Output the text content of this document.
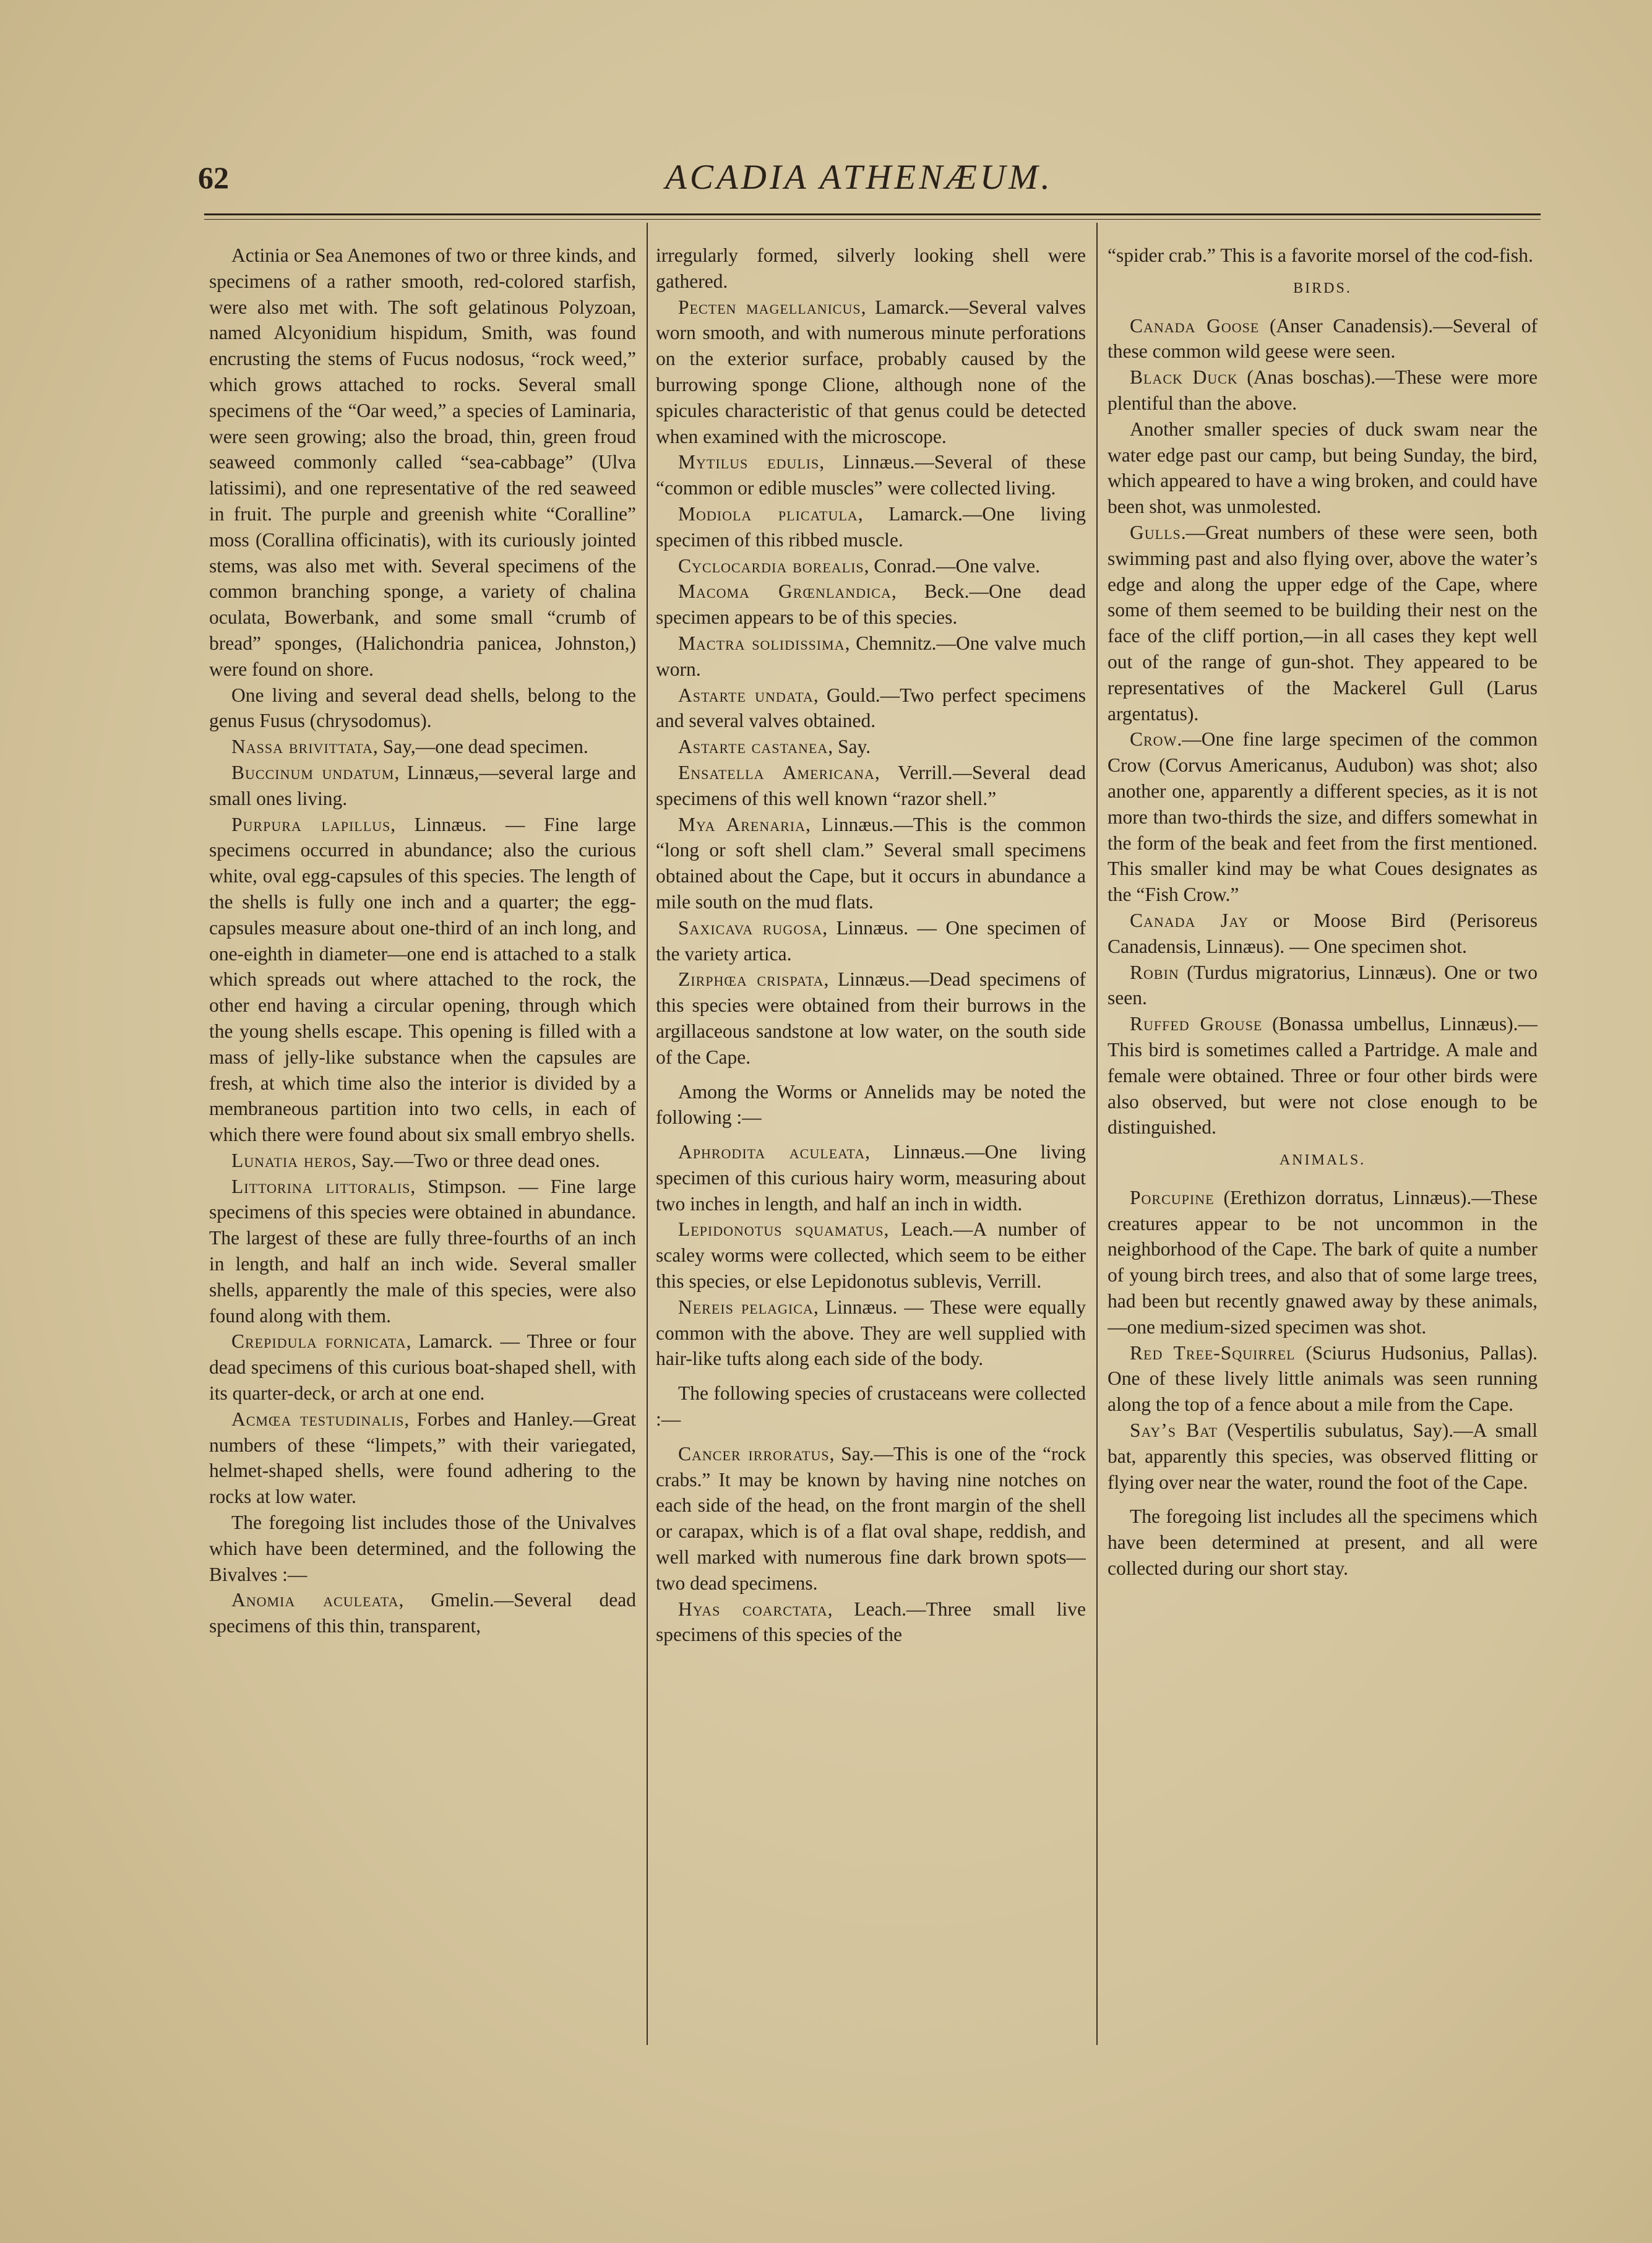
62	ACADIA ATHENÆUM.

Actinia or Sea Anemones of two or three kinds, and specimens of a rather smooth, red-colored starfish, were also met with. The soft gelatinous Polyzoan, named Alcyonidium hispidum, Smith, was found encrusting the stems of Fucus nodosus, “rock weed,” which grows attached to rocks. Several small specimens of the “Oar weed,” a species of Laminaria, were seen growing; also the broad, thin, green froud seaweed commonly called “sea-cabbage” (Ulva latissimi), and one representative of the red seaweed in fruit. The purple and greenish white “Coralline” moss (Corallina officinatis), with its curiously jointed stems, was also met with. Several specimens of the common branching sponge, a variety of chalina oculata, Bowerbank, and some small “crumb of bread” sponges, (Halichondria panicea, Johnston,) were found on shore.

One living and several dead shells, belong to the genus Fusus (chrysodomus).

Nassa brivittata, Say,—one dead specimen.

Buccinum undatum, Linnæus,—several large and small ones living.

Purpura lapillus, Linnæus. — Fine large specimens occurred in abundance; also the curious white, oval egg-capsules of this species. The length of the shells is fully one inch and a quarter; the egg-capsules measure about one-third of an inch long, and one-eighth in diameter—one end is attached to a stalk which spreads out where attached to the rock, the other end having a circular opening, through which the young shells escape. This opening is filled with a mass of jelly-like substance when the capsules are fresh, at which time also the interior is divided by a membraneous partition into two cells, in each of which there were found about six small embryo shells.

Lunatia heros, Say.—Two or three dead ones.

Littorina littoralis, Stimpson. — Fine large specimens of this species were obtained in abundance. The largest of these are fully three-fourths of an inch in length, and half an inch wide. Several smaller shells, apparently the male of this species, were also found along with them.

Crepidula fornicata, Lamarck. — Three or four dead specimens of this curious boat-shaped shell, with its quarter-deck, or arch at one end.

Acmœa testudinalis, Forbes and Hanley.—Great numbers of these “limpets,” with their variegated, helmet-shaped shells, were found adhering to the rocks at low water.

The foregoing list includes those of the Univalves which have been determined, and the following the Bivalves :—

Anomia aculeata, Gmelin.—Several dead specimens of this thin, transparent,

irregularly formed, silverly looking shell were gathered.

Pecten magellanicus, Lamarck.—Several valves worn smooth, and with numerous minute perforations on the exterior surface, probably caused by the burrowing sponge Clione, although none of the spicules characteristic of that genus could be detected when examined with the microscope.

Mytilus edulis, Linnæus.—Several of these “common or edible muscles” were collected living.

Modiola plicatula, Lamarck.—One living specimen of this ribbed muscle.

Cyclocardia borealis, Conrad.—One valve.

Macoma Grœnlandica, Beck.—One dead specimen appears to be of this species.

Mactra solidissima, Chemnitz.—One valve much worn.

Astarte undata, Gould.—Two perfect specimens and several valves obtained.

Astarte castanea, Say.

Ensatella Americana, Verrill.—Several dead specimens of this well known “razor shell.”

Mya Arenaria, Linnæus.—This is the common “long or soft shell clam.” Several small specimens obtained about the Cape, but it occurs in abundance a mile south on the mud flats.

Saxicava rugosa, Linnæus. — One specimen of the variety artica.

Zirphœa crispata, Linnæus.—Dead specimens of this species were obtained from their burrows in the argillaceous sandstone at low water, on the south side of the Cape.

Among the Worms or Annelids may be noted the following :—

Aphrodita aculeata, Linnæus.—One living specimen of this curious hairy worm, measuring about two inches in length, and half an inch in width.

Lepidonotus squamatus, Leach.—A number of scaley worms were collected, which seem to be either this species, or else Lepidonotus sublevis, Verrill.

Nereis pelagica, Linnæus. — These were equally common with the above. They are well supplied with hair-like tufts along each side of the body.

The following species of crustaceans were collected :—

Cancer irroratus, Say.—This is one of the “rock crabs.” It may be known by having nine notches on each side of the head, on the front margin of the shell or carapax, which is of a flat oval shape, reddish, and well marked with numerous fine dark brown spots—two dead specimens.

Hyas coarctata, Leach.—Three small live specimens of this species of the

“spider crab.” This is a favorite morsel of the cod-fish.

BIRDS.

Canada Goose (Anser Canadensis).—Several of these common wild geese were seen.

Black Duck (Anas boschas).—These were more plentiful than the above.

Another smaller species of duck swam near the water edge past our camp, but being Sunday, the bird, which appeared to have a wing broken, and could have been shot, was unmolested.

Gulls.—Great numbers of these were seen, both swimming past and also flying over, above the water’s edge and along the upper edge of the Cape, where some of them seemed to be building their nest on the face of the cliff portion,—in all cases they kept well out of the range of gun-shot. They appeared to be representatives of the Mackerel Gull (Larus argentatus).

Crow.—One fine large specimen of the common Crow (Corvus Americanus, Audubon) was shot; also another one, apparently a different species, as it is not more than two-thirds the size, and differs somewhat in the form of the beak and feet from the first mentioned. This smaller kind may be what Coues designates as the “Fish Crow.”

Canada Jay or Moose Bird (Perisoreus Canadensis, Linnæus). — One specimen shot.

Robin (Turdus migratorius, Linnæus). One or two seen.

Ruffed Grouse (Bonassa umbellus, Linnæus).—This bird is sometimes called a Partridge. A male and female were obtained. Three or four other birds were also observed, but were not close enough to be distinguished.

ANIMALS.

Porcupine (Erethizon dorratus, Linnæus).—These creatures appear to be not uncommon in the neighborhood of the Cape. The bark of quite a number of young birch trees, and also that of some large trees, had been but recently gnawed away by these animals,—one medium-sized specimen was shot.

Red Tree-Squirrel (Sciurus Hudsonius, Pallas). One of these lively little animals was seen running along the top of a fence about a mile from the Cape.

Say’s Bat (Vespertilis subulatus, Say).—A small bat, apparently this species, was observed flitting or flying over near the water, round the foot of the Cape.

The foregoing list includes all the specimens which have been determined at present, and all were collected during our short stay.
